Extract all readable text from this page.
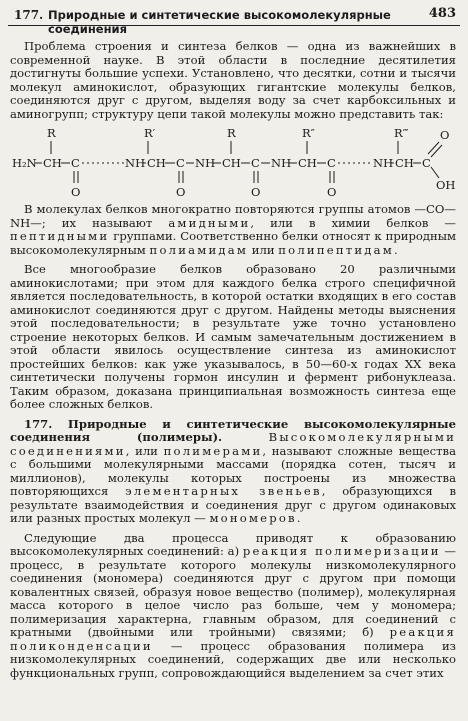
177. Природные и синтетические высокомолекулярные соединения
483

Проблема строения и синтеза белков — одна из важнейших в современной науке. В этой области в последние десятилетия достигнуты большие успехи. Установлено, что десятки, сотни и тысячи молекул аминокислот, образующих гигантские молекулы белков, соединяются друг с другом, выделяя воду за счет карбоксильных и аминогрупп; структуру цепи такой молекулы можно представить так:

R	R′	R	R″	R‴
H₂N CH C	NH CH C NH CH C NH CH C	NH CH C
O
OH
O	O	O	O

В молекулах белков многократно повторяются группы атомов —CO—NH—; их называют амидными, или в химии белков — пептидными группами. Соответственно белки относят к природным высокомолекулярным полиамидам или полипептидам.

Все многообразие белков образовано 20 различными аминокислотами; при этом для каждого белка строго специфичной является последовательность, в которой остатки входящих в его состав аминокислот соединяются друг с другом. Найдены методы выяснения этой последовательности; в результате уже точно установлено строение некоторых белков. И самым замечательным достижением в этой области явилось осуществление синтеза из аминокислот простейших белков: как уже указывалось, в 50—60-х годах XX века синтетически получены гормон инсулин и фермент рибонуклеаза. Таким образом, доказана принципиальная возможность синтеза еще более сложных белков.

177. Природные и синтетические высокомолекулярные соединения (полимеры).	Высокомолекулярными соединениями, или полимерами, называют сложные вещества с большими молекулярными массами (порядка сотен, тысяч и миллионов), молекулы которых построены из множества повторяющихся элементарных звеньев, образующихся в результате взаимодействия и соединения друг с другом одинаковых или разных простых молекул — мономеров.

Следующие два процесса приводят к образованию высокомолекулярных соединений: а) реакция полимеризации — процесс, в результате которого молекулы низкомолекулярного соединения (мономера) соединяются друг с другом при помощи ковалентных связей, образуя новое вещество (полимер), молекулярная масса которого в целое число раз больше, чем у мономера; полимеризация характерна, главным образом, для соединений с кратными (двойными или тройными) связями; б) реакция поликонденсации — процесс образования полимера из низкомолекулярных соединений, содержащих две или несколько функциональных групп, сопровождающийся выделением за счет этих
